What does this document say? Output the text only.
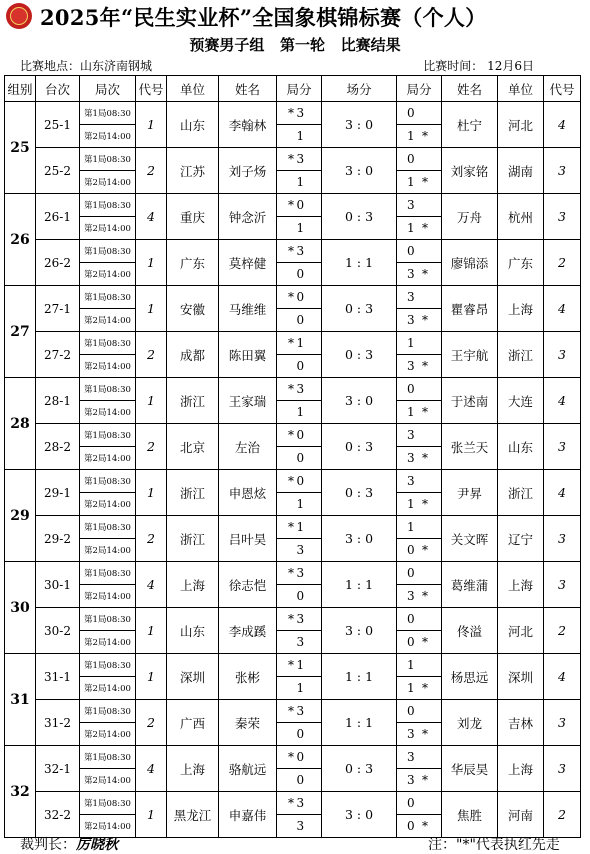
2025年“民生实业杯”全国象棋锦标赛（个人）
预赛男子组   第一轮   比赛结果
比赛地点：山东济南钢城	比赛时间： 12月6日
组别	台次	局次	代号	单位	姓名	局分	场分	局分	姓名	单位	代号
25	25-1	第1局08:30	1	山东	李翰林	* 3	3 : 0	0	杜宁	河北	4
		第2局14:00				1		1 *			
	25-2	第1局08:30	2	江苏	刘子炀	* 3	3 : 0	0	刘家铭	湖南	3
		第2局14:00				1		1 *			
26	26-1	第1局08:30	4	重庆	钟念沂	* 0	0 : 3	3	万舟	杭州	3
		第2局14:00				1		1 *			
	26-2	第1局08:30	1	广东	莫梓健	* 3	1 : 1	0	廖锦添	广东	2
		第2局14:00				0		3 *			
27	27-1	第1局08:30	1	安徽	马维维	* 0	0 : 3	3	瞿睿昂	上海	4
		第2局14:00				0		3 *			
	27-2	第1局08:30	2	成都	陈田翼	* 1	0 : 3	1	王宇航	浙江	3
		第2局14:00				0		3 *			
28	28-1	第1局08:30	1	浙江	王家瑞	* 3	3 : 0	0	于述南	大连	4
		第2局14:00				1		1 *			
	28-2	第1局08:30	2	北京	左治	* 0	0 : 3	3	张兰天	山东	3
		第2局14:00				0		3 *			
29	29-1	第1局08:30	1	浙江	申恩炫	* 0	0 : 3	3	尹昇	浙江	4
		第2局14:00				1		1 *			
	29-2	第1局08:30	2	浙江	吕叶昊	* 1	3 : 0	1	关文晖	辽宁	3
		第2局14:00				3		0 *			
30	30-1	第1局08:30	4	上海	徐志恺	* 3	1 : 1	0	葛维蒲	上海	3
		第2局14:00				0		3 *			
	30-2	第1局08:30	1	山东	李成蹊	* 3	3 : 0	0	佟溢	河北	2
		第2局14:00				3		0 *			
31	31-1	第1局08:30	1	深圳	张彬	* 1	1 : 1	1	杨思远	深圳	4
		第2局14:00				1		1 *			
	31-2	第1局08:30	2	广西	秦荣	* 3	1 : 1	0	刘龙	吉林	3
		第2局14:00				0		3 *			
32	32-1	第1局08:30	4	上海	骆航远	* 0	0 : 3	3	华辰昊	上海	3
		第2局14:00				0		3 *			
	32-2	第1局08:30	1	黑龙江	申嘉伟	* 3	3 : 0	0	焦胜	河南	2
		第2局14:00				3		0 *			
裁判长：厉晓秋	注："*"代表执红先走
